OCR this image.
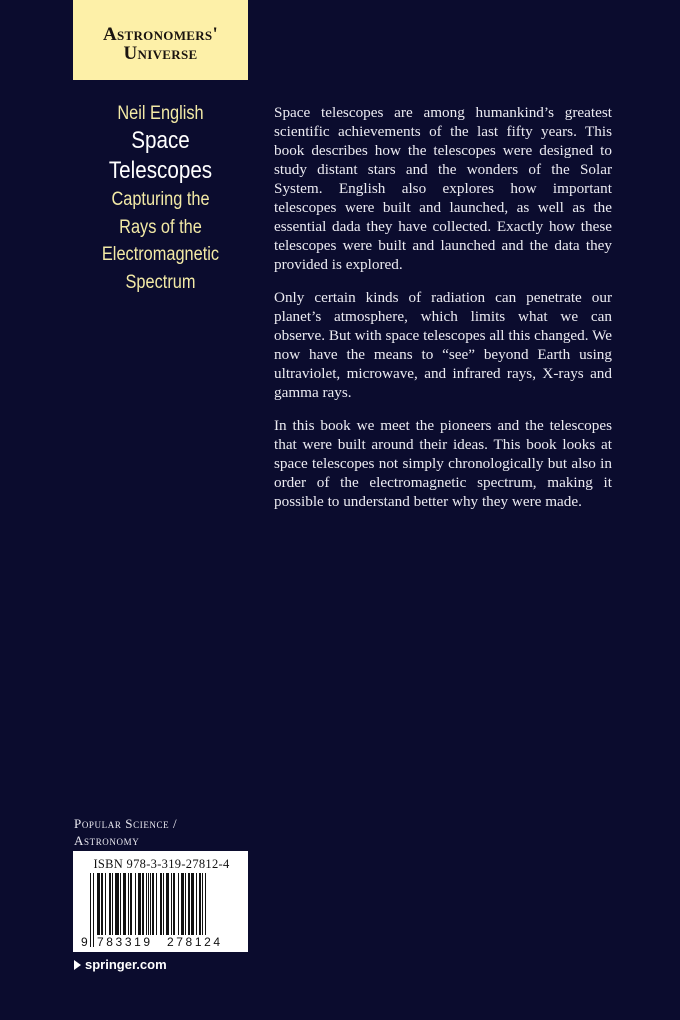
Astronomers'
Universe
Neil English
Space
Telescopes
Capturing the
Rays of the
Electromagnetic
Spectrum

Space telescopes are among humankind’s greatest scientific achievements of the last fifty years. This book describes how the telescopes were designed to study distant stars and the wonders of the Solar System. English also explores how important telescopes were built and launched, as well as the essential dada they have collected. Exactly how these telescopes were built and launched and the data they provided is explored.

Only certain kinds of radiation can penetrate our planet’s atmosphere, which limits what we can observe. But with space telescopes all this changed. We now have the means to “see” beyond Earth using ultraviolet, microwave, and infrared rays, X-rays and gamma rays.

In this book we meet the pioneers and the telescopes that were built around their ideas. This book looks at space telescopes not simply chronologically but also in order of the electromagnetic spectrum, making it possible to understand better why they were made.

Popular Science /
Astronomy
ISBN 978-3-319-27812-4
9 783319 278124
springer.com
